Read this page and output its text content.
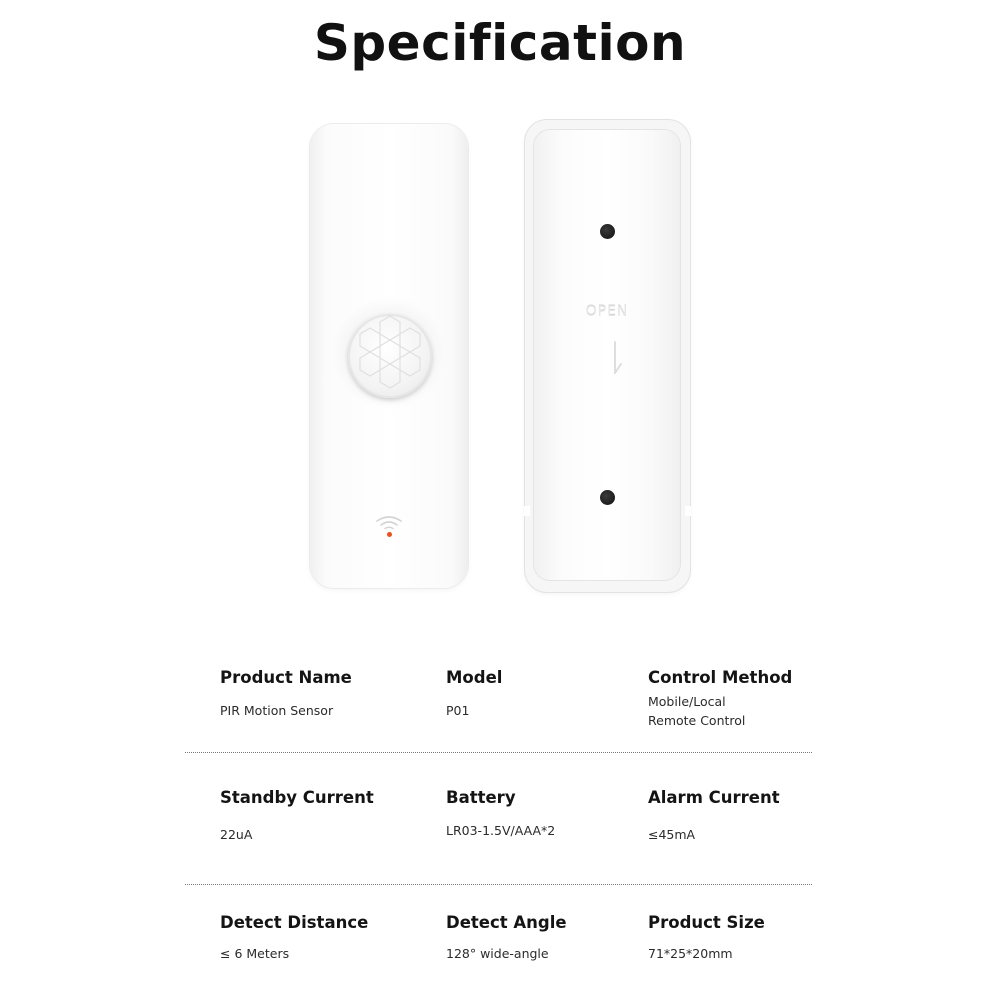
Specification
OPEN
Product Name
PIR Motion Sensor
Model
P01
Control Method
Mobile/Local
Remote Control
Standby Current
22uA
Battery
LR03-1.5V/AAA*2
Alarm Current
≤45mA
Detect Distance
≤ 6 Meters
Detect Angle
128° wide-angle
Product Size
71*25*20mm
